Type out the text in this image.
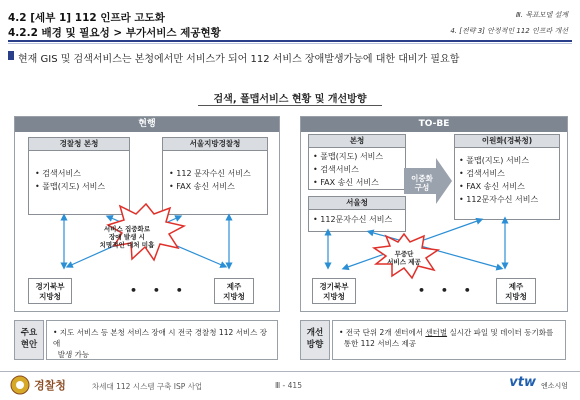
4.2 [세부 1] 112 인프라 고도화
4.2.2 배경 및 필요성 > 부가서비스 제공현황
Ⅲ. 목표모델 설계
4. [전략 3] 안정적인 112 인프라 개선
현재 GIS 및 검색서비스는 본청에서만 서비스가 되어 112 서비스 장애발생가능에 대한 대비가 필요함
검색, 폴맵서비스 현황 및 개선방향
현행
경찰청 본청
• 검색서비스
• 폴맵(지도) 서비스
서울지방경찰청
• 112 문자수신 서비스
• FAX 송신 서비스
서비스 집중화로
장애 발생 시
치명적인 대처 미흡
경기북부
지방청	• • •	제주
지방청
TO-BE
본청
• 폴맵(지도) 서비스
• 검색서비스
• FAX 송신 서비스
서울청
• 112문자수신 서비스
이중화
구성
이원화(경북청)
• 폴맵(지도) 서비스
• 검색서비스
• FAX 송신 서비스
• 112문자수신 서비스
무중단
서비스 제공
경기북부
지방청	• • •	제주
지방청
주요
현안
• 지도 서비스 등 본청 서비스 장애 시 전국 경찰청 112 서비스 장애
발생 가능
개선
방향
• 전국 단위 2개 센터에서 센터별 실시간 파일 및 데이터 동기화를
통한 112 서비스 제공
경찰청	차세대 112 시스템 구축 ISP 사업	Ⅲ - 415	vtw 엔소시엄
